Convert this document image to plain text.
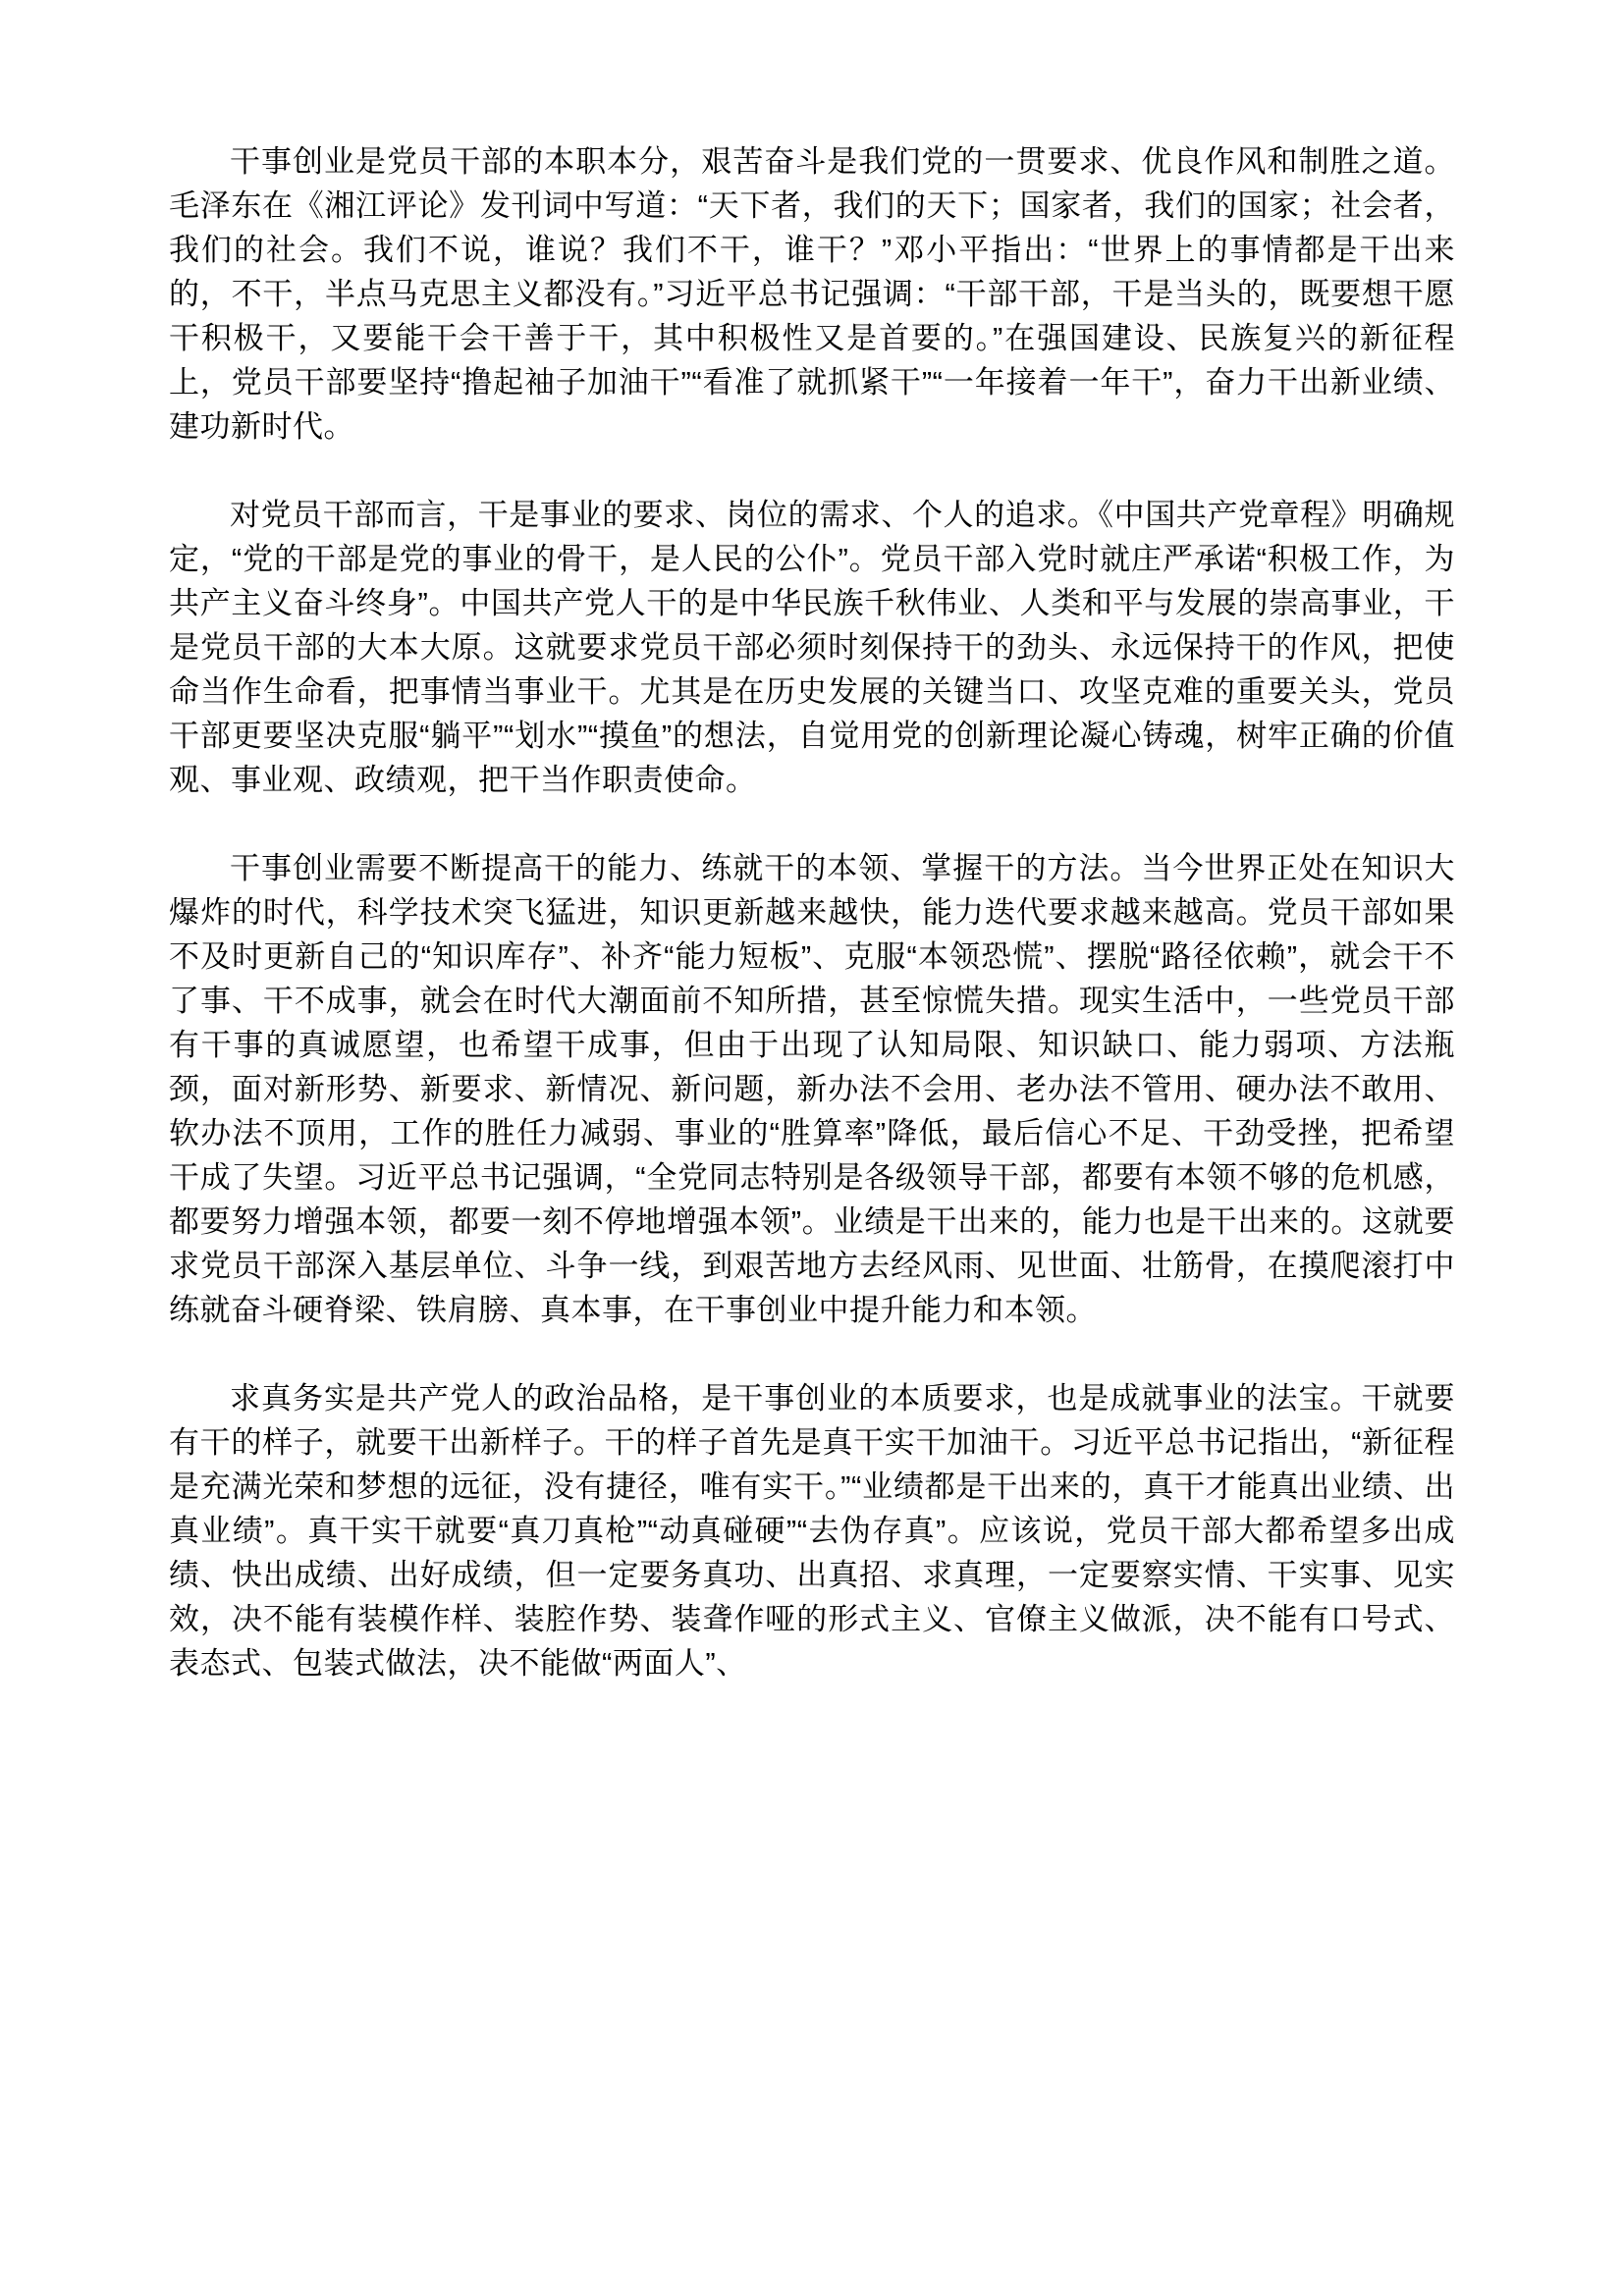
干事创业是党员干部的本职本分，艰苦奋斗是我们党的一贯要求、优良作风和制胜之道。毛泽东在《湘江评论》发刊词中写道：“天下者，我们的天下；国家者，我们的国家；社会者，我们的社会。我们不说，谁说？我们不干，谁干？”邓小平指出：“世界上的事情都是干出来的，不干，半点马克思主义都没有。”习近平总书记强调：“干部干部，干是当头的，既要想干愿干积极干，又要能干会干善于干，其中积极性又是首要的。”在强国建设、民族复兴的新征程上，党员干部要坚持“撸起袖子加油干”“看准了就抓紧干”“一年接着一年干”，奋力干出新业绩、建功新时代。

对党员干部而言，干是事业的要求、岗位的需求、个人的追求。《中国共产党章程》明确规定，“党的干部是党的事业的骨干，是人民的公仆”。党员干部入党时就庄严承诺“积极工作，为共产主义奋斗终身”。中国共产党人干的是中华民族千秋伟业、人类和平与发展的崇高事业，干是党员干部的大本大原。这就要求党员干部必须时刻保持干的劲头、永远保持干的作风，把使命当作生命看，把事情当事业干。尤其是在历史发展的关键当口、攻坚克难的重要关头，党员干部更要坚决克服“躺平”“划水”“摸鱼”的想法，自觉用党的创新理论凝心铸魂，树牢正确的价值观、事业观、政绩观，把干当作职责使命。

干事创业需要不断提高干的能力、练就干的本领、掌握干的方法。当今世界正处在知识大爆炸的时代，科学技术突飞猛进，知识更新越来越快，能力迭代要求越来越高。党员干部如果不及时更新自己的“知识库存”、补齐“能力短板”、克服“本领恐慌”、摆脱“路径依赖”，就会干不了事、干不成事，就会在时代大潮面前不知所措，甚至惊慌失措。现实生活中，一些党员干部有干事的真诚愿望，也希望干成事，但由于出现了认知局限、知识缺口、能力弱项、方法瓶颈，面对新形势、新要求、新情况、新问题，新办法不会用、老办法不管用、硬办法不敢用、软办法不顶用，工作的胜任力减弱、事业的“胜算率”降低，最后信心不足、干劲受挫，把希望干成了失望。习近平总书记强调，“全党同志特别是各级领导干部，都要有本领不够的危机感，都要努力增强本领，都要一刻不停地增强本领”。业绩是干出来的，能力也是干出来的。这就要求党员干部深入基层单位、斗争一线，到艰苦地方去经风雨、见世面、壮筋骨，在摸爬滚打中练就奋斗硬脊梁、铁肩膀、真本事，在干事创业中提升能力和本领。

求真务实是共产党人的政治品格，是干事创业的本质要求，也是成就事业的法宝。干就要有干的样子，就要干出新样子。干的样子首先是真干实干加油干。习近平总书记指出，“新征程是充满光荣和梦想的远征，没有捷径，唯有实干。”“业绩都是干出来的，真干才能真出业绩、出真业绩”。真干实干就要“真刀真枪”“动真碰硬”“去伪存真”。应该说，党员干部大都希望多出成绩、快出成绩、出好成绩，但一定要务真功、出真招、求真理，一定要察实情、干实事、见实效，决不能有装模作样、装腔作势、装聋作哑的形式主义、官僚主义做派，决不能有口号式、表态式、包装式做法，决不能做“两面人”、
